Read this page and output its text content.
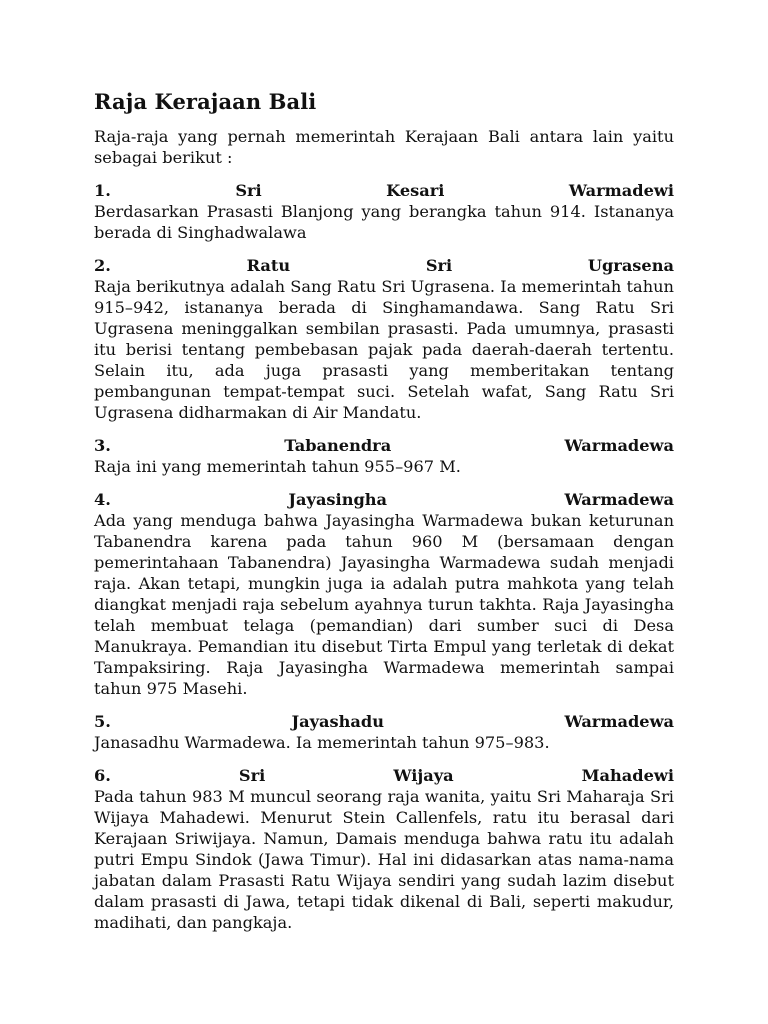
Raja Kerajaan Bali

Raja-raja yang pernah memerintah Kerajaan Bali antara lain yaitu sebagai berikut :

1.	Sri	Kesari	Warmadewi

Berdasarkan Prasasti Blanjong yang berangka tahun 914. Istananya berada di Singhadwalawa

2.	Ratu	Sri	Ugrasena

Raja berikutnya adalah Sang Ratu Sri Ugrasena. Ia memerintah tahun 915–942, istananya berada di Singhamandawa. Sang Ratu Sri Ugrasena meninggalkan sembilan prasasti. Pada umumnya, prasasti itu berisi tentang pembebasan pajak pada daerah-daerah tertentu. Selain itu, ada juga prasasti yang memberitakan tentang pembangunan tempat-tempat suci. Setelah wafat, Sang Ratu Sri Ugrasena didharmakan di Air Mandatu.

3.	Tabanendra	Warmadewa

Raja ini yang memerintah tahun 955–967 M.

4.	Jayasingha	Warmadewa

Ada yang menduga bahwa Jayasingha Warmadewa bukan keturunan Tabanendra karena pada tahun 960 M (bersamaan dengan pemerintahaan Tabanendra) Jayasingha Warmadewa sudah menjadi raja. Akan tetapi, mungkin juga ia adalah putra mahkota yang telah diangkat menjadi raja sebelum ayahnya turun takhta. Raja Jayasingha telah membuat telaga (pemandian) dari sumber suci di Desa Manukraya. Pemandian itu disebut Tirta Empul yang terletak di dekat Tampaksiring. Raja Jayasingha Warmadewa memerintah sampai tahun 975 Masehi.

5.	Jayashadu	Warmadewa

Janasadhu Warmadewa. Ia memerintah tahun 975–983.

6.	Sri	Wijaya	Mahadewi

Pada tahun 983 M muncul seorang raja wanita, yaitu Sri Maharaja Sri Wijaya Mahadewi. Menurut Stein Callenfels, ratu itu berasal dari Kerajaan Sriwijaya. Namun, Damais menduga bahwa ratu itu adalah putri Empu Sindok (Jawa Timur). Hal ini didasarkan atas nama-nama jabatan dalam Prasasti Ratu Wijaya sendiri yang sudah lazim disebut dalam prasasti di Jawa, tetapi tidak dikenal di Bali, seperti makudur, madihati, dan pangkaja.
